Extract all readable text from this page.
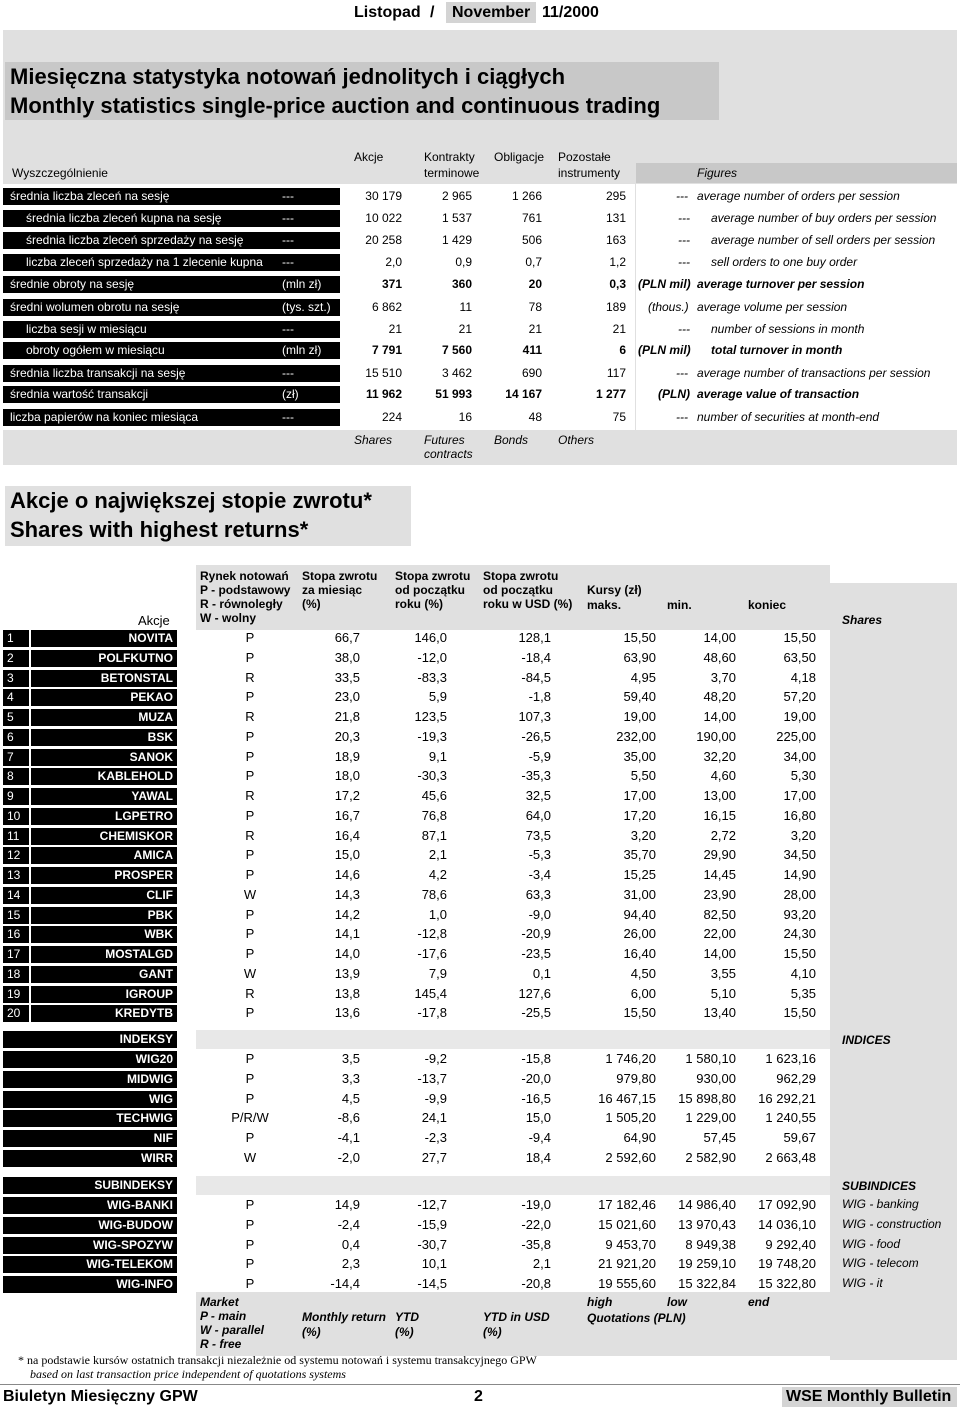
Listopad /	November 11/2000
Miesięczna statystyka notowań jednolitych i ciągłych
Monthly statistics single-price auction and continuous trading
Wyszczególnienie
Akcje	Kontrakty
terminowe
Obligacje Pozostałe
instrumenty	Figures
średnia liczba zleceń na sesję	---	30 179	2 965	1 266	295	--- average number of orders per session
średnia liczba zleceń kupna na sesję	---	10 022	1 537	761	131	--- average number of buy orders per session
średnia liczba zleceń sprzedaży na sesję	---	20 258	1 429	506	163	--- average number of sell orders per session
liczba zleceń sprzedaży na 1 zlecenie kupna ---	2,0	0,9	0,7	1,2	--- sell orders to one buy order
średnie obroty na sesję	(mln zł)	371	360	20	0,3 (PLN mil) average turnover per session
średni wolumen obrotu na sesję	(tys. szt.)	6 862	11	78	189 (thous.) average volume per session
liczba sesji w miesiącu	---	21	21	21	21	--- number of sessions in month
obroty ogółem w miesiącu	(mln zł)	7 791	7 560	411	6 (PLN mil) total turnover in month
średnia liczba transakcji na sesję	---	15 510	3 462	690	117	--- average number of transactions per session
średnia wartość transakcji	(zł)	11 962	51 993	14 167	1 277	(PLN) average value of transaction
liczba papierów na koniec miesiąca	---	224	16	48	75	--- number of securities at month-end
Shares	Futures
contracts
Bonds Others
Akcje o największej stopie zwrotu*
Shares with highest returns*
Rynek notowań
P - podstawowy
R - równoległy
W - wolny
Stopa zwrotu
za miesiąc
(%)
Stopa zwrotu
od początku
roku (%)
Stopa zwrotu
od początku
roku w USD (%)
Kursy (zł)
maks.	min.	koniec
Akcje	Shares
1	NOVITA	P	66,7	146,0	128,1	15,50	14,00	15,50
2	POLFKUTNO	P	38,0	-12,0	-18,4	63,90	48,60	63,50
3	BETONSTAL	R	33,5	-83,3	-84,5	4,95	3,70	4,18
4	PEKAO	P	23,0	5,9	-1,8	59,40	48,20	57,20
5	MUZA	R	21,8	123,5	107,3	19,00	14,00	19,00
6	BSK	P	20,3	-19,3	-26,5	232,00	190,00	225,00
7	SANOK	P	18,9	9,1	-5,9	35,00	32,20	34,00
8	KABLEHOLD	P	18,0	-30,3	-35,3	5,50	4,60	5,30
9	YAWAL	R	17,2	45,6	32,5	17,00	13,00	17,00
10	LGPETRO	P	16,7	76,8	64,0	17,20	16,15	16,80
11	CHEMISKOR	R	16,4	87,1	73,5	3,20	2,72	3,20
12	AMICA	P	15,0	2,1	-5,3	35,70	29,90	34,50
13	PROSPER	P	14,6	4,2	-3,4	15,25	14,45	14,90
14	CLIF	W	14,3	78,6	63,3	31,00	23,90	28,00
15	PBK	P	14,2	1,0	-9,0	94,40	82,50	93,20
16	WBK	P	14,1	-12,8	-20,9	26,00	22,00	24,30
17	MOSTALGD	P	14,0	-17,6	-23,5	16,40	14,00	15,50
18	GANT	W	13,9	7,9	0,1	4,50	3,55	4,10
19	IGROUP	R	13,8	145,4	127,6	6,00	5,10	5,35
20	KREDYTB	P	13,6	-17,8	-25,5	15,50	13,40	15,50
INDEKSY	INDICES
WIG20	P	3,5	-9,2	-15,8	1 746,20	1 580,10	1 623,16
MIDWIG	P	3,3	-13,7	-20,0	979,80	930,00	962,29
WIG	P	4,5	-9,9	-16,5	16 467,15	15 898,80	16 292,21
TECHWIG	P/R/W	-8,6	24,1	15,0	1 505,20	1 229,00	1 240,55
NIF	P	-4,1	-2,3	-9,4	64,90	57,45	59,67
WIRR	W	-2,0	27,7	18,4	2 592,60	2 582,90	2 663,48
SUBINDEKSY	SUBINDICES
WIG-BANKI	P	14,9	-12,7	-19,0	17 182,46	14 986,40	17 092,90 WIG - banking
WIG-BUDOW	P	-2,4	-15,9	-22,0	15 021,60	13 970,43	14 036,10 WIG - construction
WIG-SPOZYW	P	0,4	-30,7	-35,8	9 453,70	8 949,38	9 292,40 WIG - food
WIG-TELEKOM	P	2,3	10,1	2,1	21 921,20	19 259,10	19 748,20 WIG - telecom
WIG-INFO	P	-14,4	-14,5	-20,8	19 555,60	15 322,84	15 322,80 WIG - it
Market
P - main
W - parallel
R - free
Monthly return
(%)
YTD
(%)
YTD in USD
(%)
high	low	end
Quotations (PLN)
* na podstawie kursów ostatnich transakcji niezależnie od systemu notowań i systemu transakcyjnego GPW
based on last transaction price independent of quotations systems
Biuletyn Miesięczny GPW	2	WSE Monthly Bulletin
